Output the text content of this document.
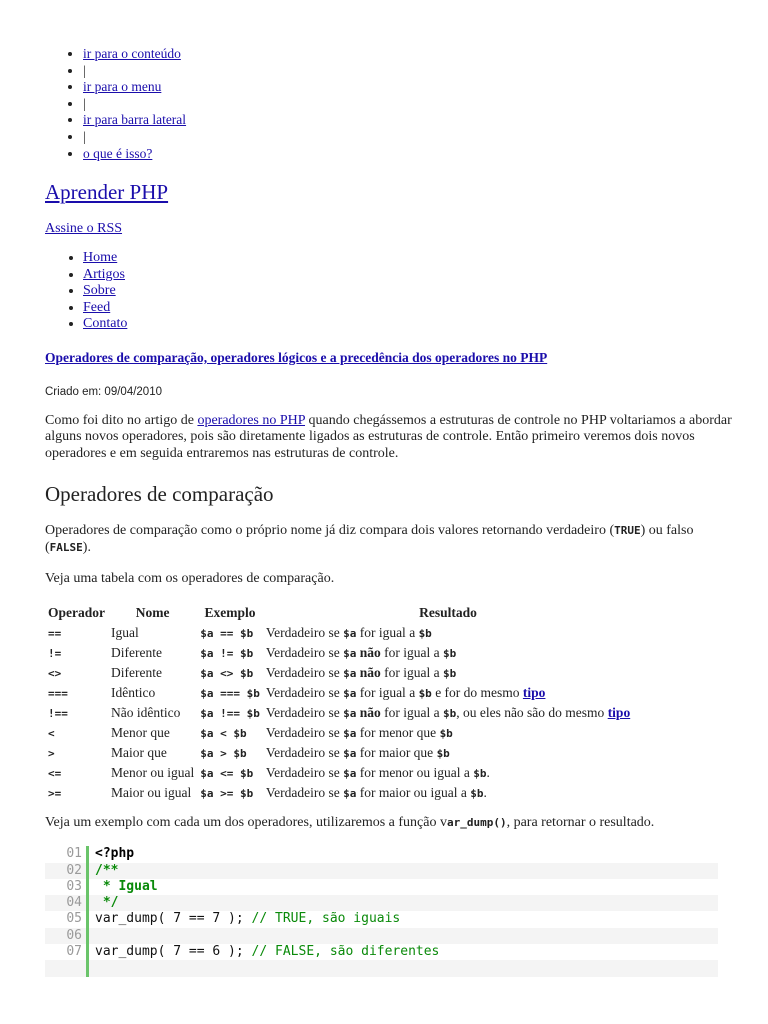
• ir para o conteúdo
• |
• ir para o menu
• |
• ir para barra lateral
• |
• o que é isso?
Aprender PHP
Assine o RSS
• Home
• Artigos
• Sobre
• Feed
• Contato
Operadores de comparação, operadores lógicos e a precedência dos operadores no PHP
Criado em: 09/04/2010

Como foi dito no artigo de operadores no PHP quando chegássemos a estruturas de controle no PHP voltariamos a abordar alguns novos operadores, pois são diretamente ligados as estruturas de controle. Então primeiro veremos dois novos operadores e em seguida entraremos nas estruturas de controle.

Operadores de comparação

Operadores de comparação como o próprio nome já diz compara dois valores retornando verdadeiro (TRUE) ou falso (FALSE).

Veja uma tabela com os operadores de comparação.

Operador	Nome	Exemplo	Resultado
==	Igual	$a == $b	Verdadeiro se $a for igual a $b
!=	Diferente	$a != $b	Verdadeiro se $a não for igual a $b
<>	Diferente	$a <> $b	Verdadeiro se $a não for igual a $b
===	Idêntico	$a === $b	Verdadeiro se $a for igual a $b e for do mesmo tipo
!==	Não idêntico	$a !== $b	Verdadeiro se $a não for igual a $b, ou eles não são do mesmo tipo
<	Menor que	$a < $b	Verdadeiro se $a for menor que $b
>	Maior que	$a > $b	Verdadeiro se $a for maior que $b
<=	Menor ou igual	$a <= $b	Verdadeiro se $a for menor ou igual a $b.
>=	Maior ou igual	$a >= $b	Verdadeiro se $a for maior ou igual a $b.

Veja um exemplo com cada um dos operadores, utilizaremos a função var_dump(), para retornar o resultado.

01	<?php
02	/**
03	* Igual
04	*/
05	var_dump( 7 == 7 ); // TRUE, são iguais
06
07	var_dump( 7 == 6 ); // FALSE, são diferentes
